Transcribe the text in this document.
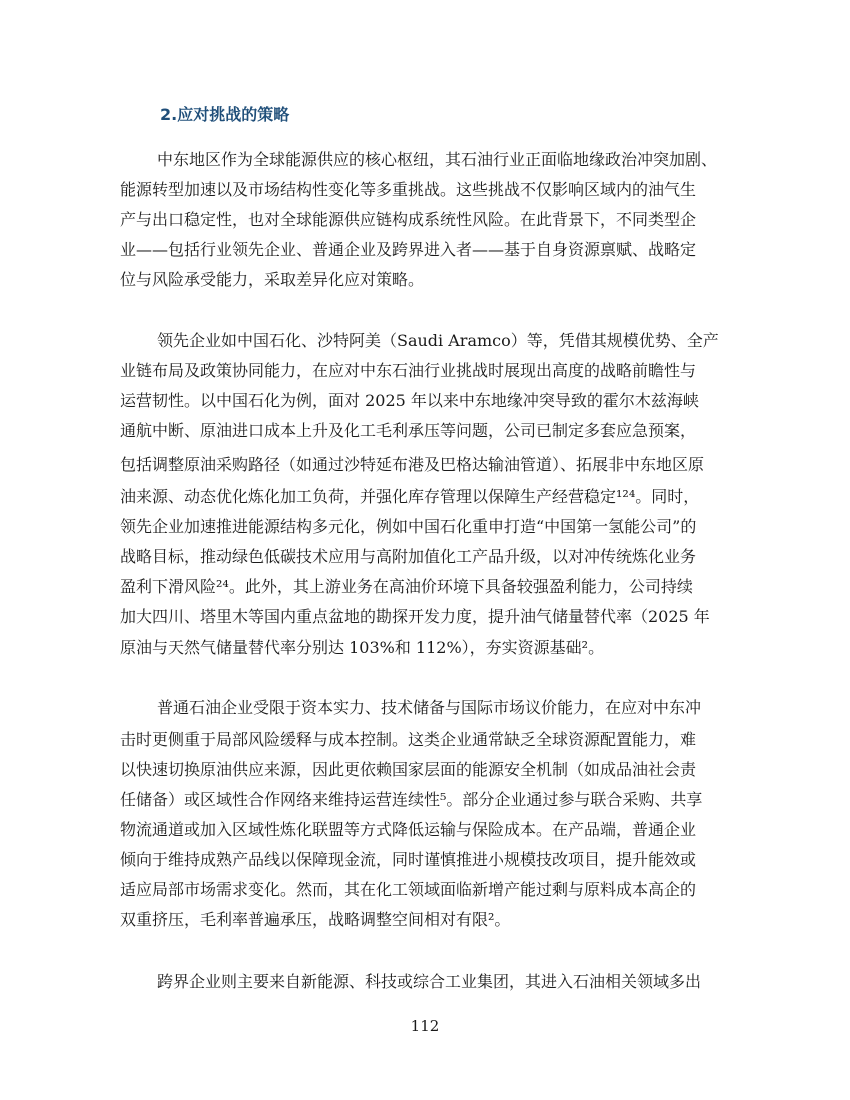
2.应对挑战的策略
中东地区作为全球能源供应的核心枢纽，其石油行业正面临地缘政治冲突加剧、
能源转型加速以及市场结构性变化等多重挑战。这些挑战不仅影响区域内的油气生
产与出口稳定性，也对全球能源供应链构成系统性风险。在此背景下，不同类型企
业——包括行业领先企业、普通企业及跨界进入者——基于自身资源禀赋、战略定
位与风险承受能力，采取差异化应对策略。
领先企业如中国石化、沙特阿美（Saudi Aramco）等，凭借其规模优势、全产
业链布局及政策协同能力，在应对中东石油行业挑战时展现出高度的战略前瞻性与
运营韧性。以中国石化为例，面对 2025 年以来中东地缘冲突导致的霍尔木兹海峡
通航中断、原油进口成本上升及化工毛利承压等问题，公司已制定多套应急预案，
包括调整原油采购路径（如通过沙特延布港及巴格达输油管道）、拓展非中东地区原
油来源、动态优化炼化加工负荷，并强化库存管理以保障生产经营稳定¹²⁴。同时，
领先企业加速推进能源结构多元化，例如中国石化重申打造“中国第一氢能公司”的
战略目标，推动绿色低碳技术应用与高附加值化工产品升级，以对冲传统炼化业务
盈利下滑风险²⁴。此外，其上游业务在高油价环境下具备较强盈利能力，公司持续
加大四川、塔里木等国内重点盆地的勘探开发力度，提升油气储量替代率（2025 年
原油与天然气储量替代率分别达 103%和 112%），夯实资源基础²。
普通石油企业受限于资本实力、技术储备与国际市场议价能力，在应对中东冲
击时更侧重于局部风险缓释与成本控制。这类企业通常缺乏全球资源配置能力，难
以快速切换原油供应来源，因此更依赖国家层面的能源安全机制（如成品油社会责
任储备）或区域性合作网络来维持运营连续性⁵。部分企业通过参与联合采购、共享
物流通道或加入区域性炼化联盟等方式降低运输与保险成本。在产品端，普通企业
倾向于维持成熟产品线以保障现金流，同时谨慎推进小规模技改项目，提升能效或
适应局部市场需求变化。然而，其在化工领域面临新增产能过剩与原料成本高企的
双重挤压，毛利率普遍承压，战略调整空间相对有限²。
跨界企业则主要来自新能源、科技或综合工业集团，其进入石油相关领域多出
112
